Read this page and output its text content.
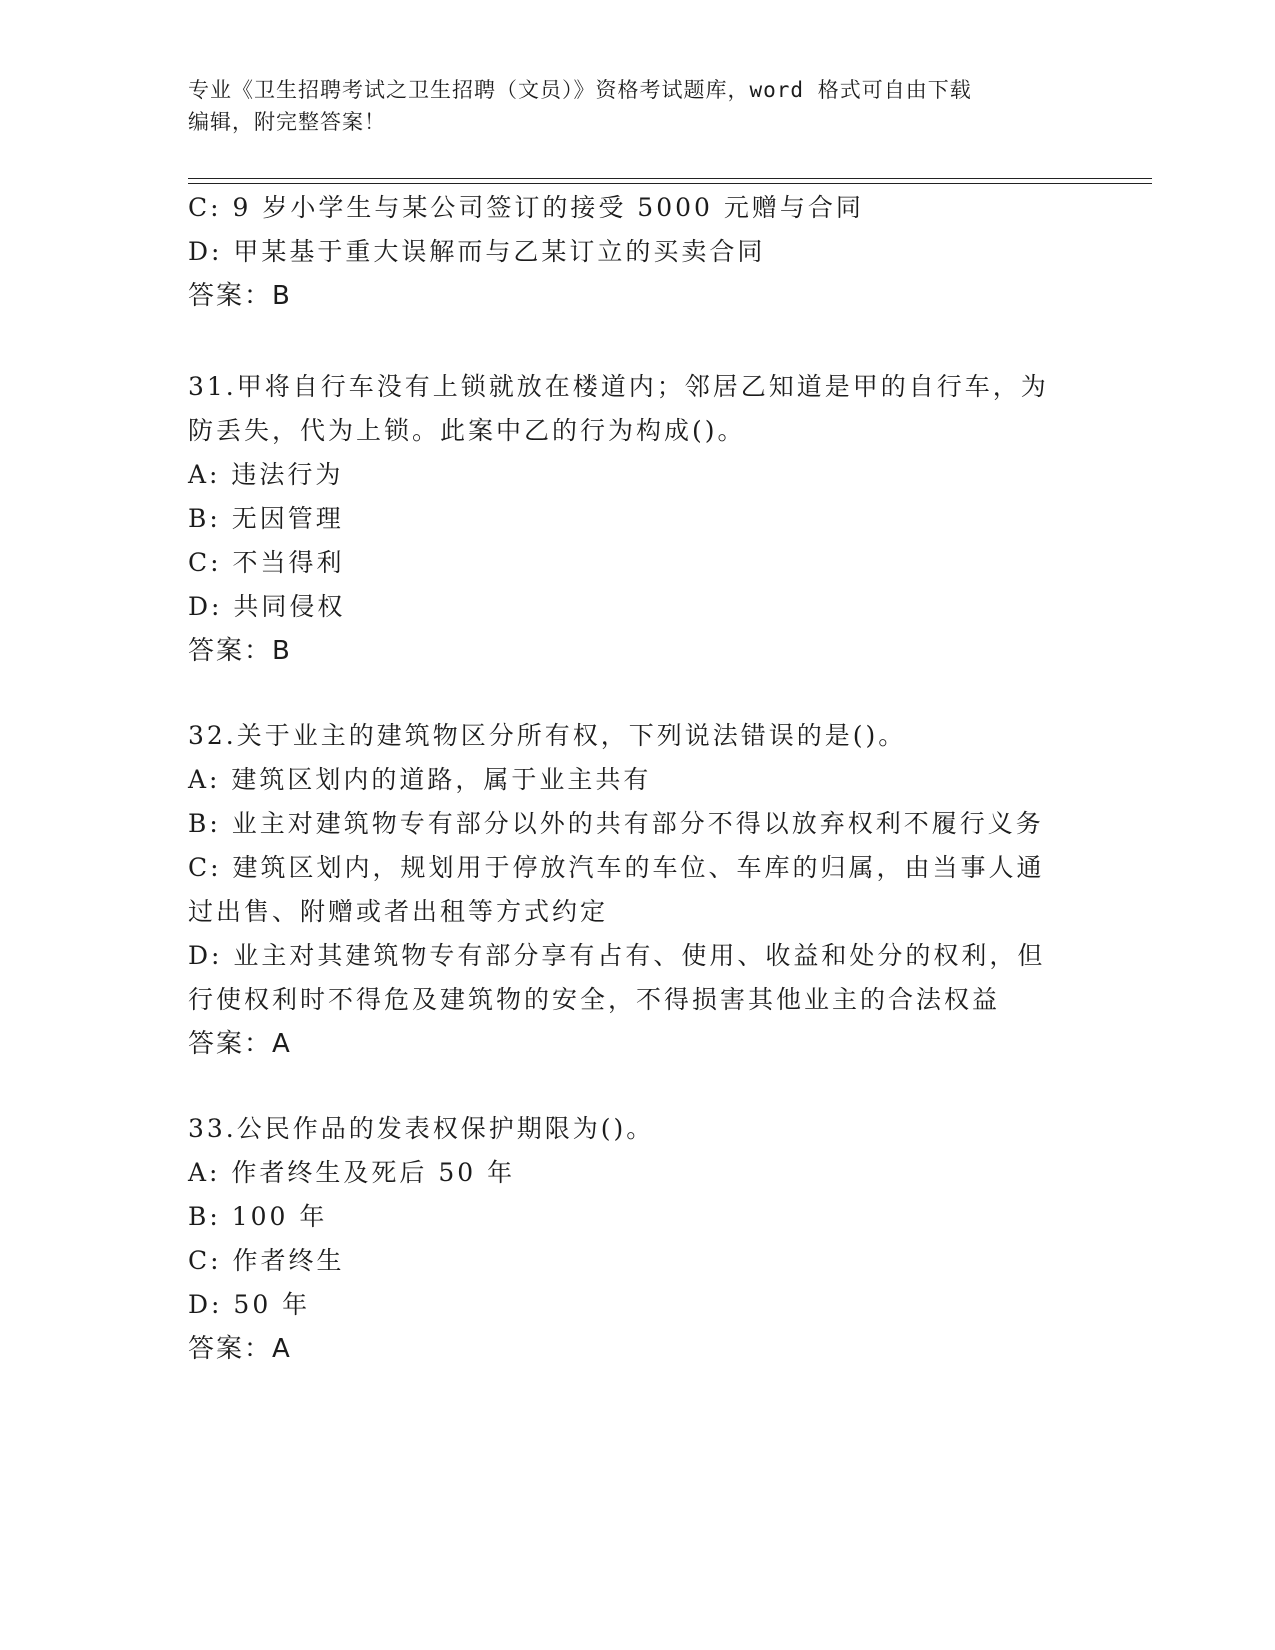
专业《卫生招聘考试之卫生招聘（文员）》资格考试题库，word 格式可自由下载
编辑，附完整答案！
C: 9 岁小学生与某公司签订的接受 5000 元赠与合同
D: 甲某基于重大误解而与乙某订立的买卖合同
答案：B
31.甲将自行车没有上锁就放在楼道内；邻居乙知道是甲的自行车，为
防丢失，代为上锁。此案中乙的行为构成()。
A: 违法行为
B: 无因管理
C: 不当得利
D: 共同侵权
答案：B
32.关于业主的建筑物区分所有权，下列说法错误的是()。
A: 建筑区划内的道路，属于业主共有
B: 业主对建筑物专有部分以外的共有部分不得以放弃权利不履行义务
C: 建筑区划内，规划用于停放汽车的车位、车库的归属，由当事人通
过出售、附赠或者出租等方式约定
D: 业主对其建筑物专有部分享有占有、使用、收益和处分的权利，但
行使权利时不得危及建筑物的安全，不得损害其他业主的合法权益
答案：A
33.公民作品的发表权保护期限为()。
A: 作者终生及死后 50 年
B: 100 年
C: 作者终生
D: 50 年
答案：A
